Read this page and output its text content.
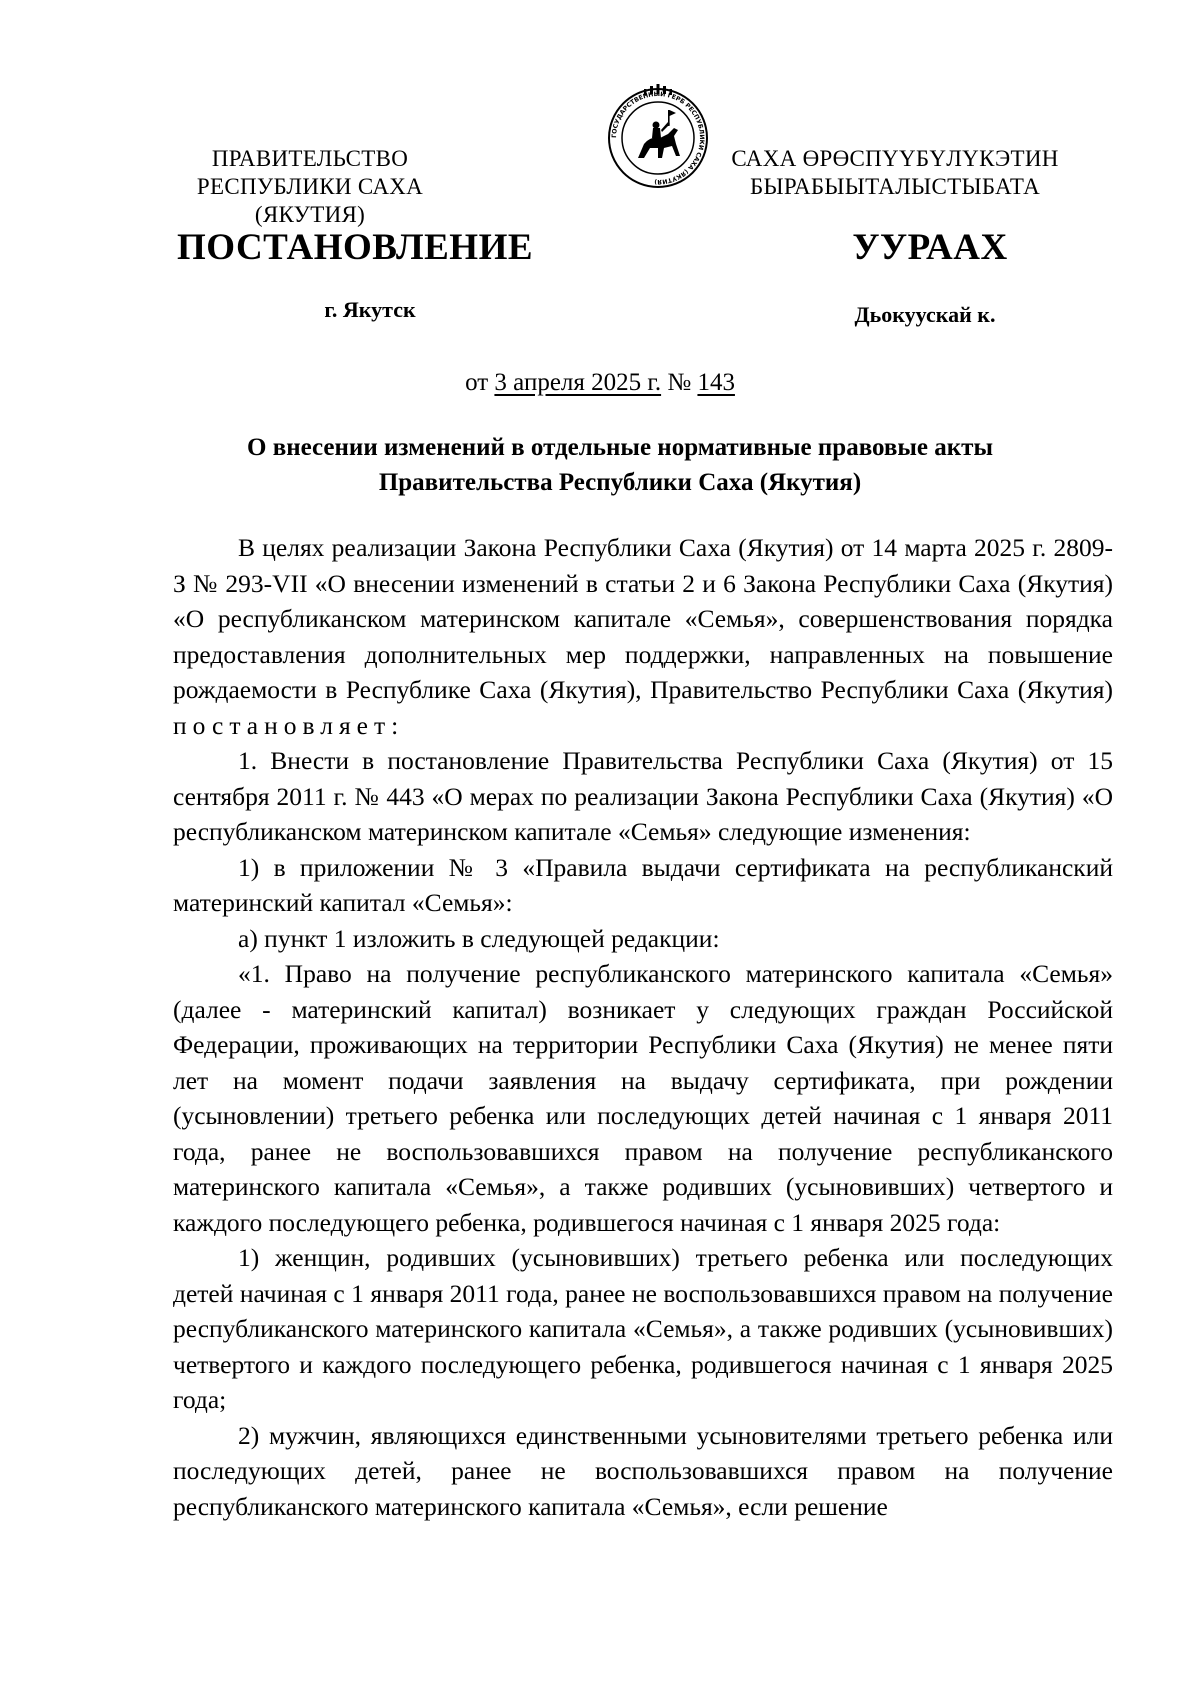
ПРАВИТЕЛЬСТВО
РЕСПУБЛИКИ САХА (ЯКУТИЯ)
ГОСУДАРСТВЕННЫЙ ГЕРБ РЕСПУБЛИКИ САХА (ЯКУТИЯ)
САХА ӨРӨСПҮҮБҮЛҮКЭТИН
БЫРАБЫЫТАЛЫСТЫБАТА
ПОСТАНОВЛЕНИЕ	УУРААХ
г. Якутск	Дьокуускай к.
от 3 апреля 2025 г. № 143
О внесении изменений в отдельные нормативные правовые акты
Правительства Республики Саха (Якутия)

В целях реализации Закона Республики Саха (Якутия) от 14 марта 2025 г. 2809-З № 293-VII «О внесении изменений в статьи 2 и 6 Закона Республики Саха (Якутия) «О республиканском материнском капитале «Семья», совершенствования порядка предоставления дополнительных мер поддержки, направленных на повышение рождаемости в Республике Саха (Якутия), Правительство Республики Саха (Якутия) постановляет:

1. Внести в постановление Правительства Республики Саха (Якутия) от 15 сентября 2011 г. № 443 «О мерах по реализации Закона Республики Саха (Якутия) «О республиканском материнском капитале «Семья» следующие изменения:

1) в приложении № 3 «Правила выдачи сертификата на республиканский материнский капитал «Семья»:

а) пункт 1 изложить в следующей редакции:

«1. Право на получение республиканского материнского капитала «Семья» (далее - материнский капитал) возникает у следующих граждан Российской Федерации, проживающих на территории Республики Саха (Якутия) не менее пяти лет на момент подачи заявления на выдачу сертификата, при рождении (усыновлении) третьего ребенка или последующих детей начиная с 1 января 2011 года, ранее не воспользовавшихся правом на получение республиканского материнского капитала «Семья», а также родивших (усыновивших) четвертого и каждого последующего ребенка, родившегося начиная с 1 января 2025 года:

1) женщин, родивших (усыновивших) третьего ребенка или последующих детей начиная с 1 января 2011 года, ранее не воспользовавшихся правом на получение республиканского материнского капитала «Семья», а также родивших (усыновивших) четвертого и каждого последующего ребенка, родившегося начиная с 1 января 2025 года;

2) мужчин, являющихся единственными усыновителями третьего ребенка или последующих детей, ранее не воспользовавшихся правом на получение республиканского материнского капитала «Семья», если решение
